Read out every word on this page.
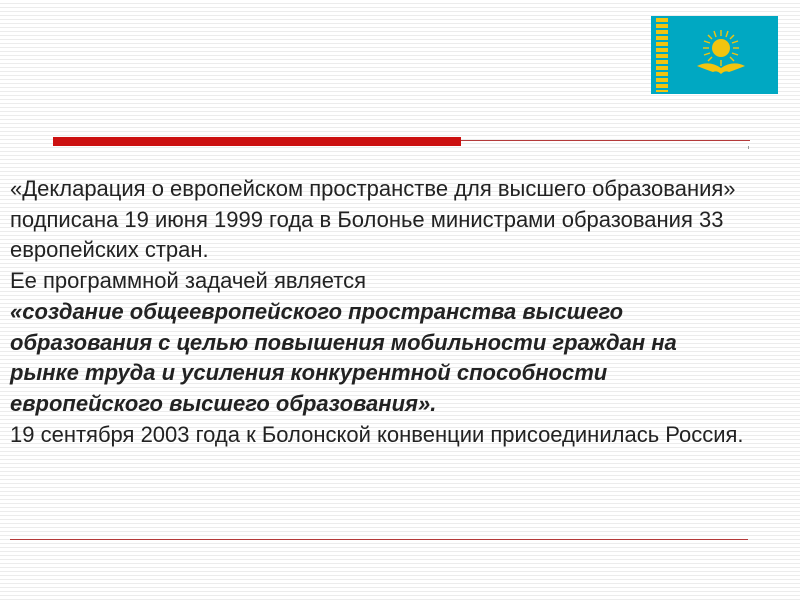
«Декларация о европейском пространстве для высшего образования»

подписана 19 июня 1999 года в Болонье министрами образования 33 европейских стран.

Ее программной задачей является

«создание общеевропейского пространства высшего образования с целью повышения мобильности граждан на рынке труда и усиления конкурентной способности европейского высшего образования».

19 сентября 2003 года к Болонской конвенции присоединилась Россия.
